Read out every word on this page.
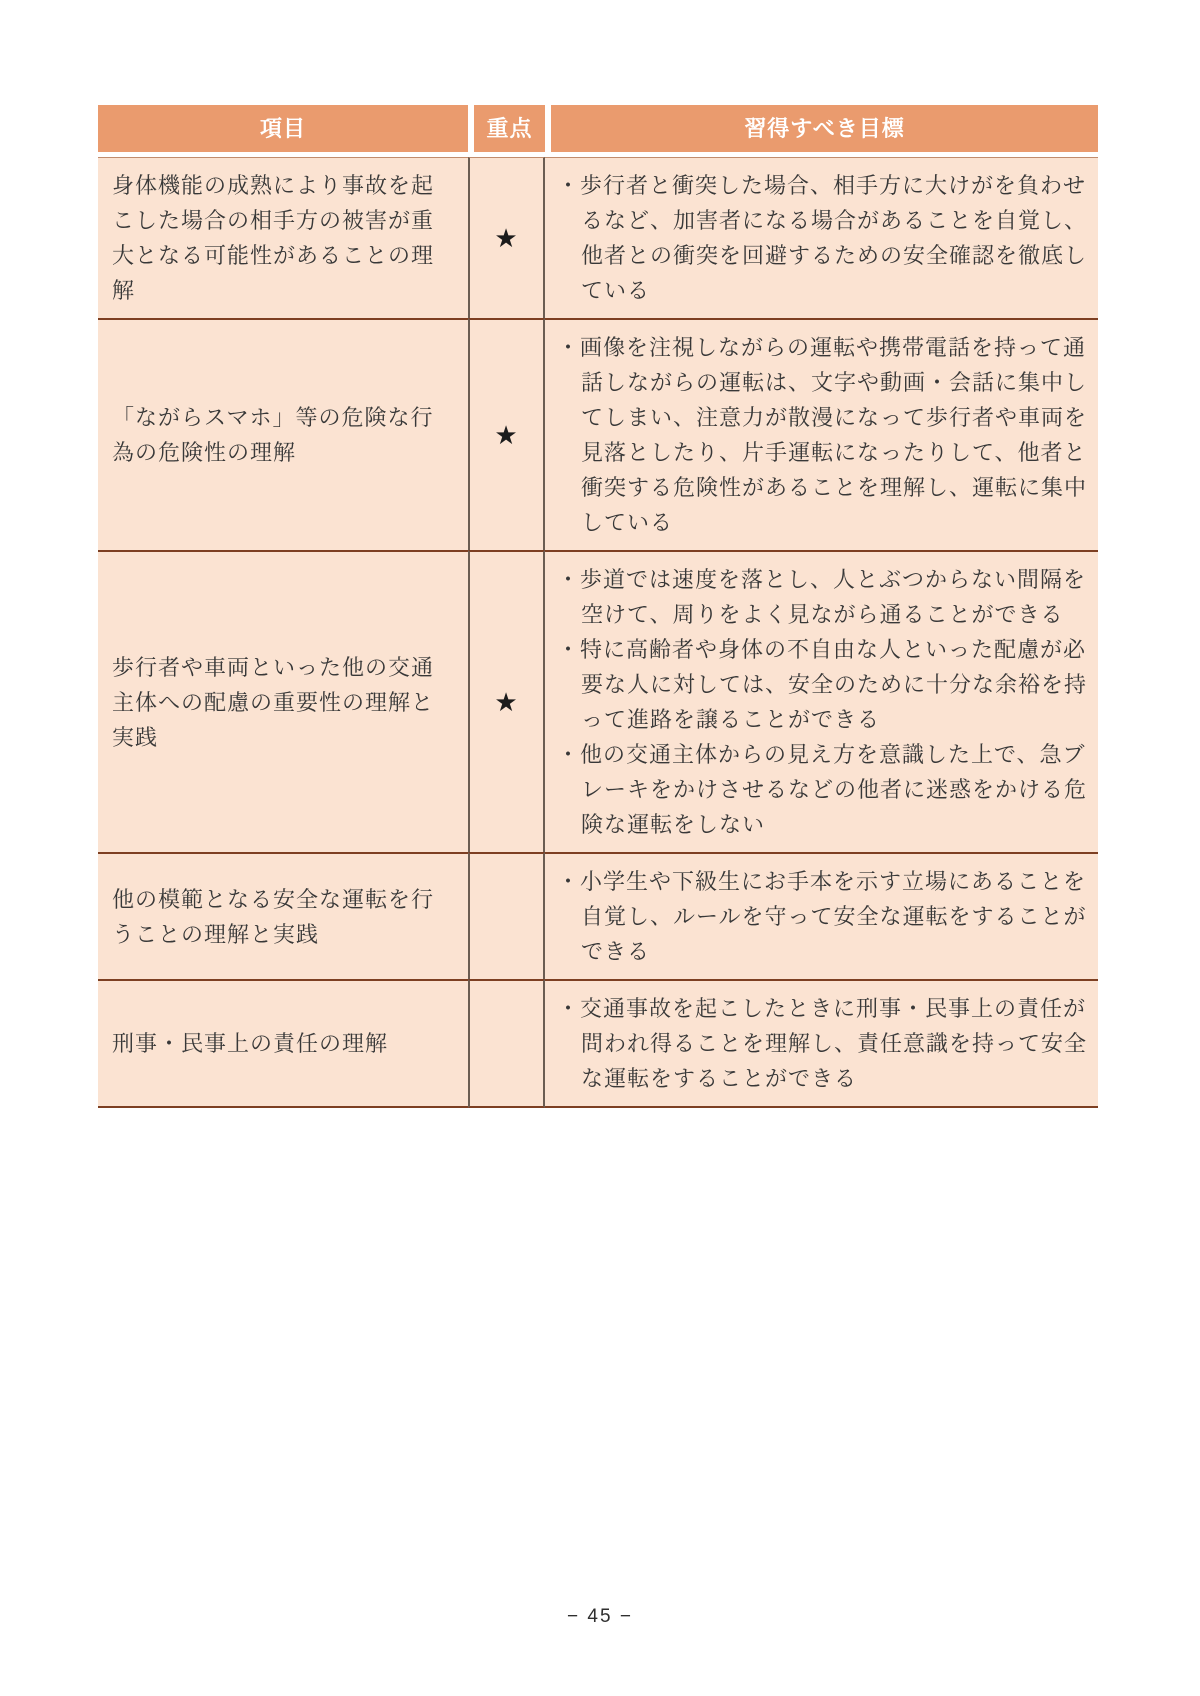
項目	重点	習得すべき目標
身体機能の成熟により事故を起こした場合の相手方の被害が重大となる可能性があることの理解	★	・歩行者と衝突した場合、相手方に大けがを負わせるなど、加害者になる場合があることを自覚し、他者との衝突を回避するための安全確認を徹底している

「ながらスマホ」等の危険な行為の危険性の理解	★	・画像を注視しながらの運転や携帯電話を持って通話しながらの運転は、文字や動画・会話に集中してしまい、注意力が散漫になって歩行者や車両を見落としたり、片手運転になったりして、他者と衝突する危険性があることを理解し、運転に集中している

歩行者や車両といった他の交通主体への配慮の重要性の理解と実践	★	・歩道では速度を落とし、人とぶつからない間隔を空けて、周りをよく見ながら通ることができる
・特に高齢者や身体の不自由な人といった配慮が必要な人に対しては、安全のために十分な余裕を持って進路を譲ることができる
・他の交通主体からの見え方を意識した上で、急ブレーキをかけさせるなどの他者に迷惑をかける危険な運転をしない

他の模範となる安全な運転を行うことの理解と実践		・小学生や下級生にお手本を示す立場にあることを自覚し、ルールを守って安全な運転をすることができる

刑事・民事上の責任の理解		・交通事故を起こしたときに刑事・民事上の責任が問われ得ることを理解し、責任意識を持って安全な運転をすることができる
− 45 −
